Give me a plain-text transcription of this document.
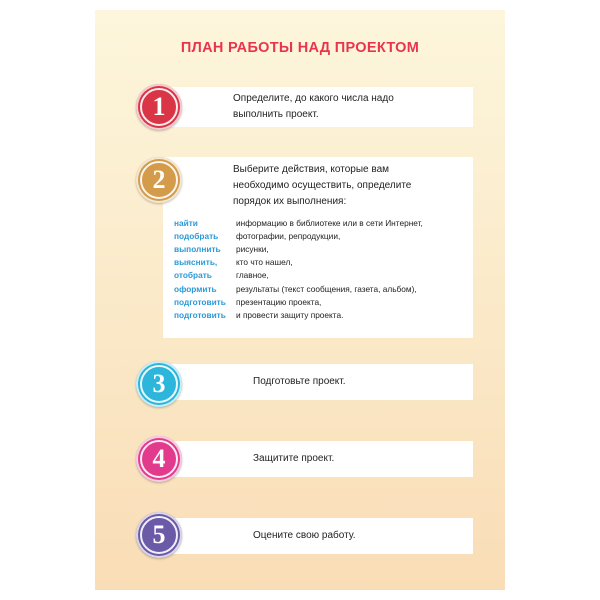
ПЛАН РАБОТЫ НАД ПРОЕКТОМ
Определите, до какого числа надо
выполнить проект.
1
Выберите действия, которые вам
необходимо осуществить, определите
порядок их выполнения:
2
найти	информацию в библиотеке или в сети Интернет,
подобрать	фотографии, репродукции,
выполнить	рисунки,
выяснить,	кто что нашел,
отобрать	главное,
оформить	результаты (текст сообщения, газета, альбом),
подготовить	презентацию проекта,
подготовить	и провести защиту проекта.
Подготовьте проект.
3
Защитите проект.
4
Оцените свою работу.
5
